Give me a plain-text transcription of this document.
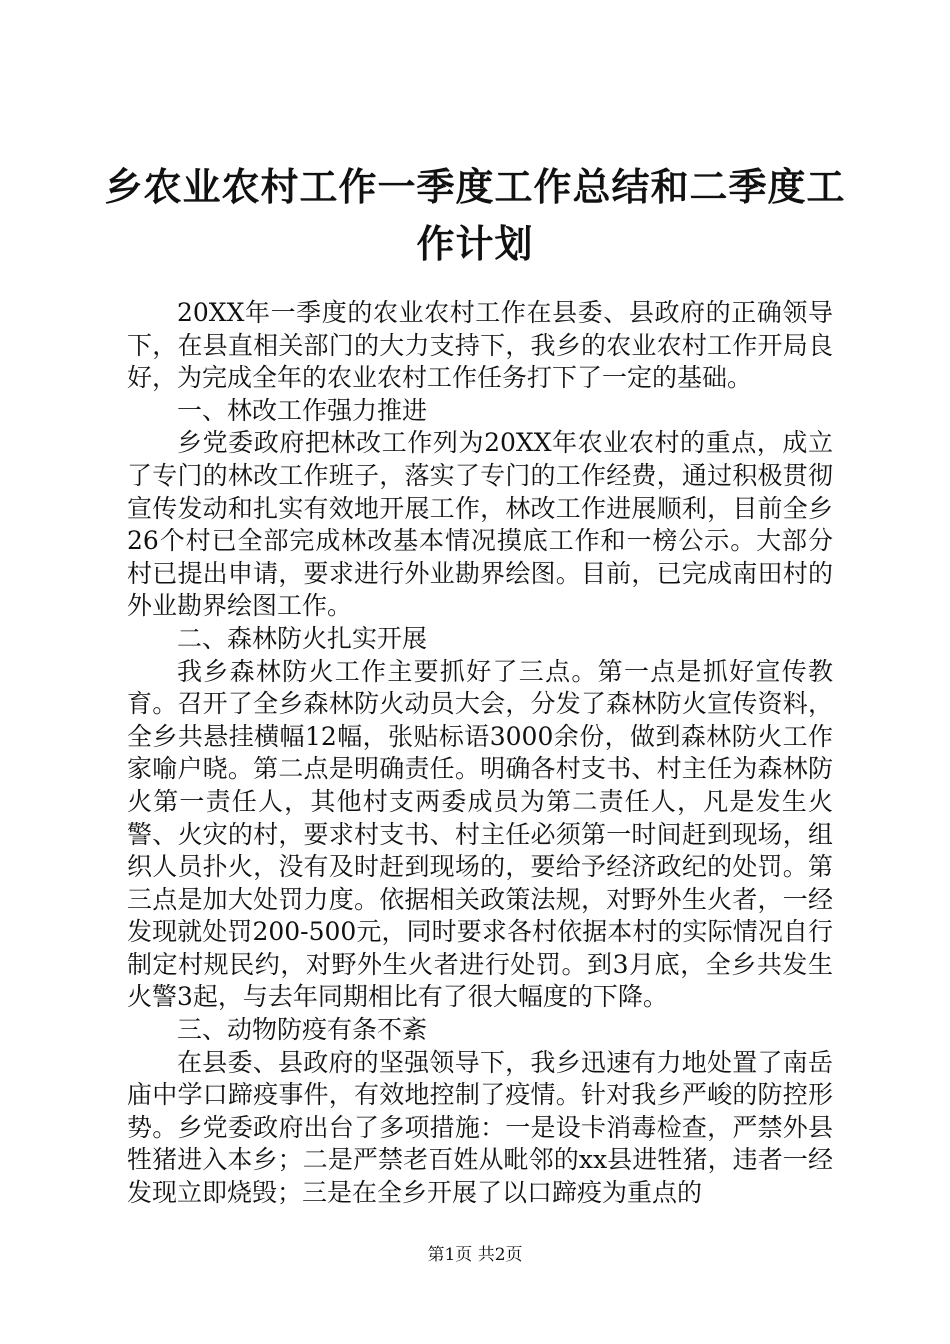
乡农业农村工作一季度工作总结和二季度工作计划

20XX年一季度的农业农村工作在县委、县政府的正确领导下，在县直相关部门的大力支持下，我乡的农业农村工作开局良好，为完成全年的农业农村工作任务打下了一定的基础。

一、林改工作强力推进

乡党委政府把林改工作列为20XX年农业农村的重点，成立了专门的林改工作班子，落实了专门的工作经费，通过积极贯彻宣传发动和扎实有效地开展工作，林改工作进展顺利，目前全乡26个村已全部完成林改基本情况摸底工作和一榜公示。大部分村已提出申请，要求进行外业勘界绘图。目前，已完成南田村的外业勘界绘图工作。

二、森林防火扎实开展

我乡森林防火工作主要抓好了三点。第一点是抓好宣传教育。召开了全乡森林防火动员大会，分发了森林防火宣传资料，全乡共悬挂横幅12幅，张贴标语3000余份，做到森林防火工作家喻户晓。第二点是明确责任。明确各村支书、村主任为森林防火第一责任人，其他村支两委成员为第二责任人，凡是发生火警、火灾的村，要求村支书、村主任必须第一时间赶到现场，组织人员扑火，没有及时赶到现场的，要给予经济政纪的处罚。第三点是加大处罚力度。依据相关政策法规，对野外生火者，一经发现就处罚200-500元，同时要求各村依据本村的实际情况自行制定村规民约，对野外生火者进行处罚。到3月底，全乡共发生火警3起，与去年同期相比有了很大幅度的下降。

三、动物防疫有条不紊

在县委、县政府的坚强领导下，我乡迅速有力地处置了南岳庙中学口蹄疫事件，有效地控制了疫情。针对我乡严峻的防控形势。乡党委政府出台了多项措施：一是设卡消毒检查，严禁外县牲猪进入本乡；二是严禁老百姓从毗邻的xx县进牲猪，违者一经发现立即烧毁；三是在全乡开展了以口蹄疫为重点的

第1页 共2页
